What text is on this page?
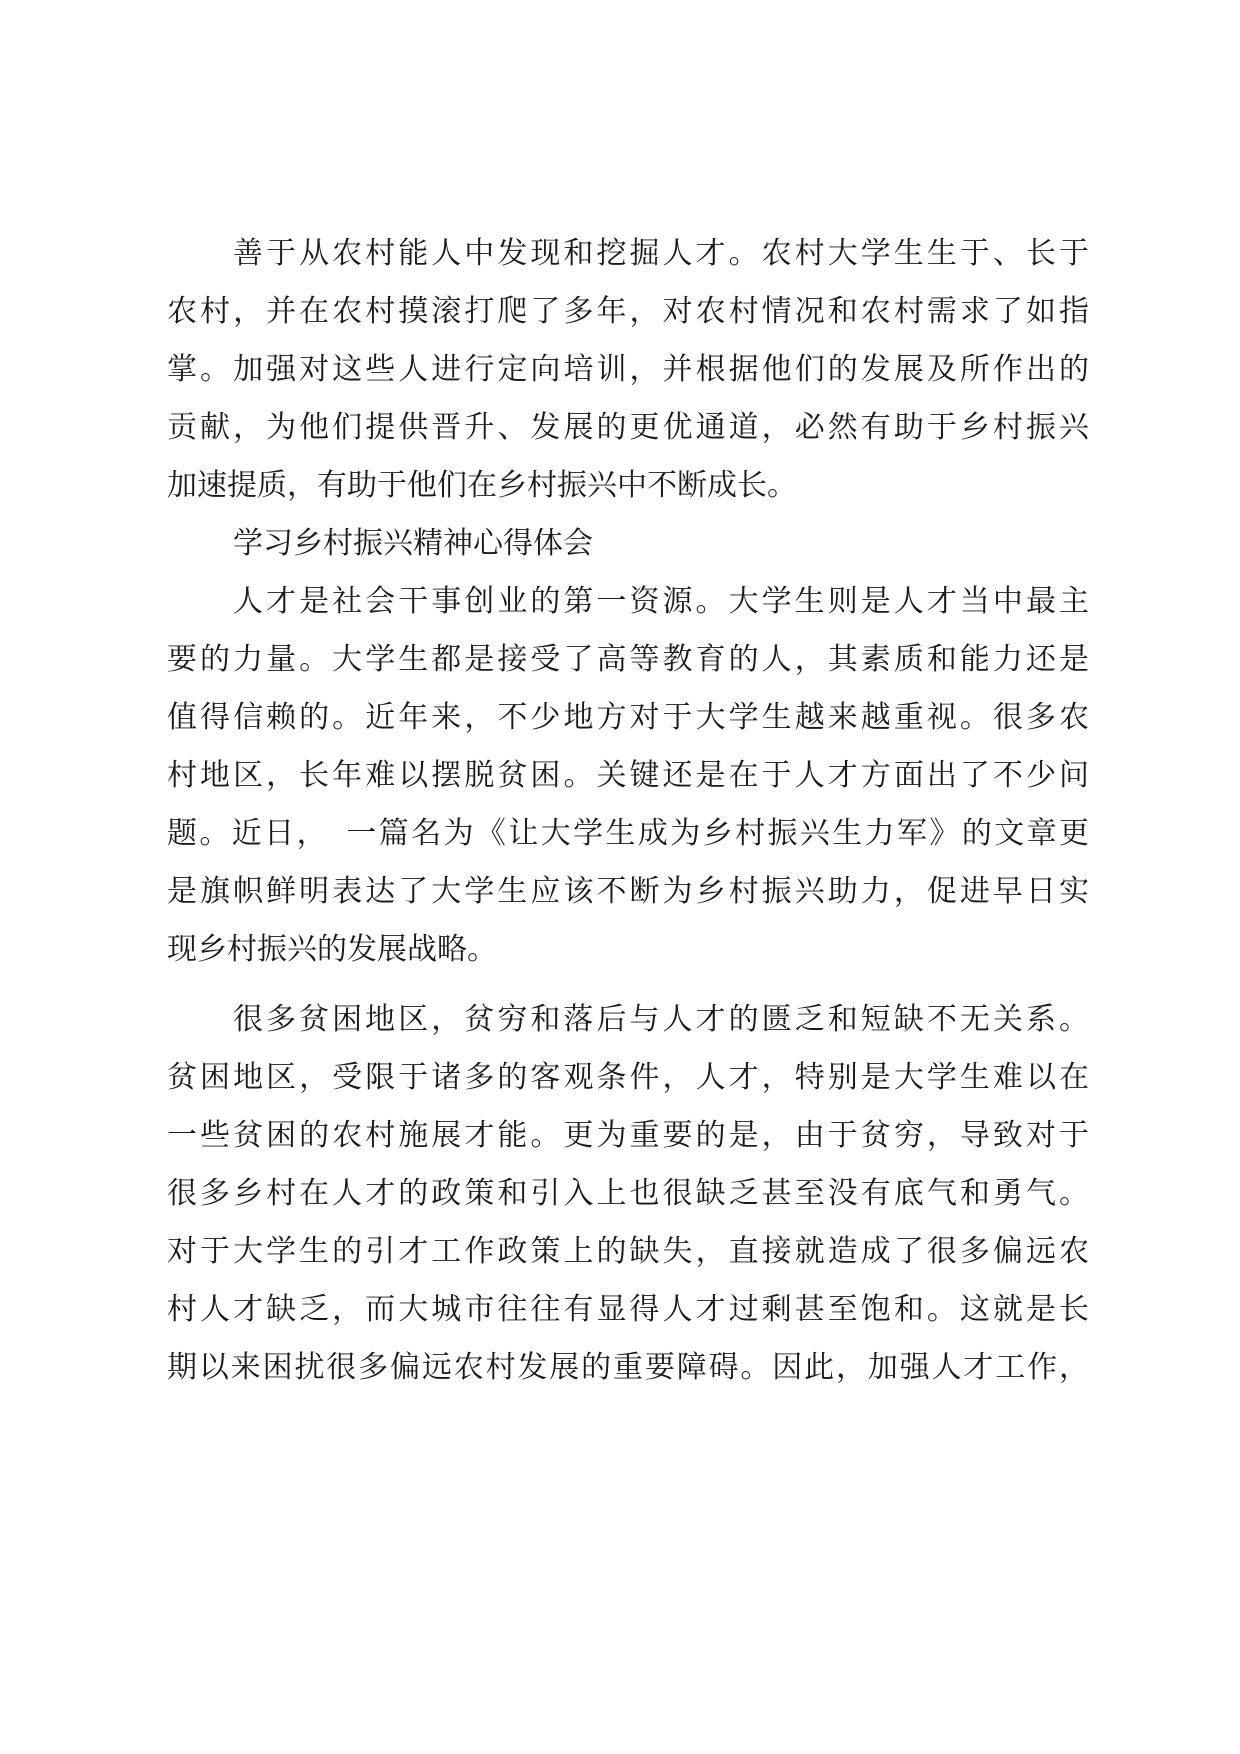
善于从农村能人中发现和挖掘人才。农村大学生生于、长于
农村，并在农村摸滚打爬了多年，对农村情况和农村需求了如指
掌。加强对这些人进行定向培训，并根据他们的发展及所作出的
贡献，为他们提供晋升、发展的更优通道，必然有助于乡村振兴
加速提质，有助于他们在乡村振兴中不断成长。

学习乡村振兴精神心得体会

人才是社会干事创业的第一资源。大学生则是人才当中最主
要的力量。大学生都是接受了高等教育的人，其素质和能力还是
值得信赖的。近年来，不少地方对于大学生越来越重视。很多农
村地区，长年难以摆脱贫困。关键还是在于人才方面出了不少问
题。近日，　一篇名为《让大学生成为乡村振兴生力军》的文章更
是旗帜鲜明表达了大学生应该不断为乡村振兴助力，促进早日实
现乡村振兴的发展战略。

很多贫困地区，贫穷和落后与人才的匮乏和短缺不无关系。
贫困地区，受限于诸多的客观条件，人才，特别是大学生难以在
一些贫困的农村施展才能。更为重要的是，由于贫穷，导致对于
很多乡村在人才的政策和引入上也很缺乏甚至没有底气和勇气。
对于大学生的引才工作政策上的缺失，直接就造成了很多偏远农
村人才缺乏，而大城市往往有显得人才过剩甚至饱和。这就是长
期以来困扰很多偏远农村发展的重要障碍。因此，加强人才工作，
